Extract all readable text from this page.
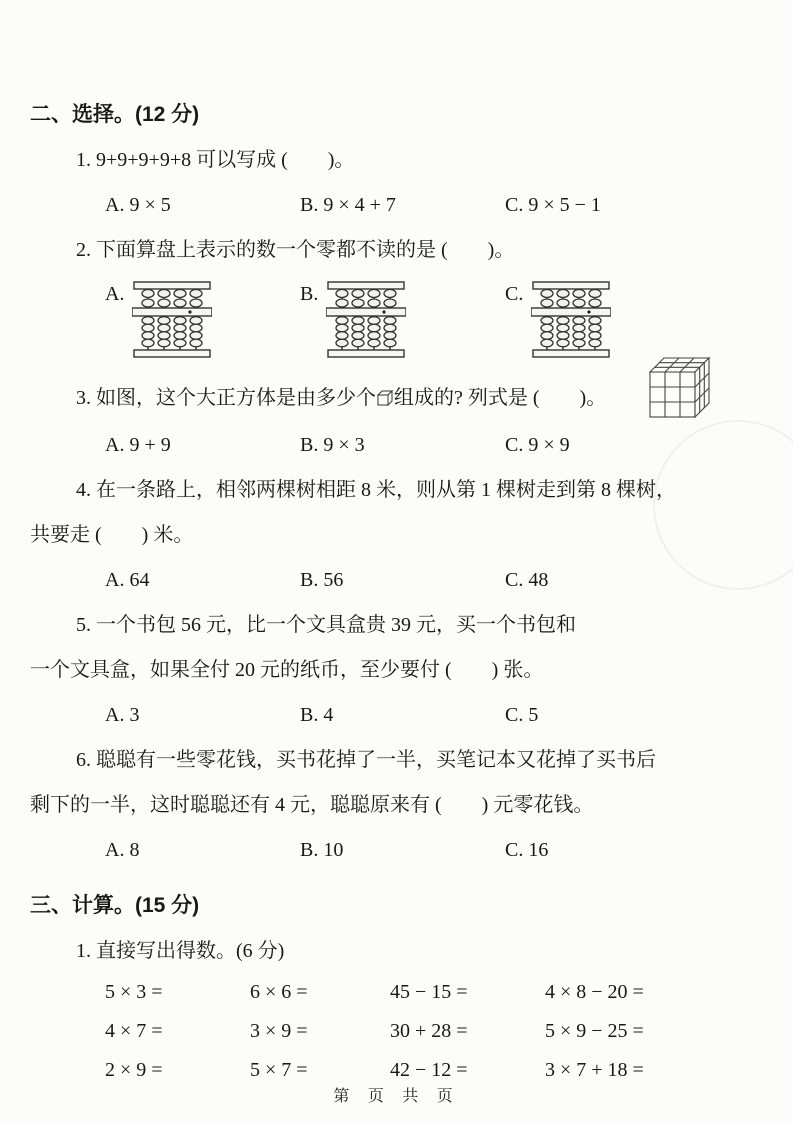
二、选择。(12 分)
1. 9+9+9+9+8 可以写成 (        )。
A. 9 × 5	B. 9 × 4 + 7	C. 9 × 5 − 1
2. 下面算盘上表示的数一个零都不读的是 (        )。
A.	B.	C.
3. 如图，这个大正方体是由多少个 组成的? 列式是 (        )。
A. 9 + 9	B. 9 × 3	C. 9 × 9
4. 在一条路上，相邻两棵树相距 8 米，则从第 1 棵树走到第 8 棵树，
共要走 (        ) 米。
A. 64	B. 56	C. 48
5. 一个书包 56 元，比一个文具盒贵 39 元，买一个书包和
一个文具盒，如果全付 20 元的纸币，至少要付 (        ) 张。
A. 3	B. 4	C. 5
6. 聪聪有一些零花钱，买书花掉了一半，买笔记本又花掉了买书后
剩下的一半，这时聪聪还有 4 元，聪聪原来有 (        ) 元零花钱。
A. 8	B. 10	C. 16
三、计算。(15 分)
1. 直接写出得数。(6 分)
5 × 3 =	6 × 6 =	45 − 15 =	4 × 8 − 20 =
4 × 7 =	3 × 9 =	30 + 28 =	5 × 9 − 25 =
2 × 9 =	5 × 7 =	42 − 12 =	3 × 7 + 18 =
第 页 共 页
